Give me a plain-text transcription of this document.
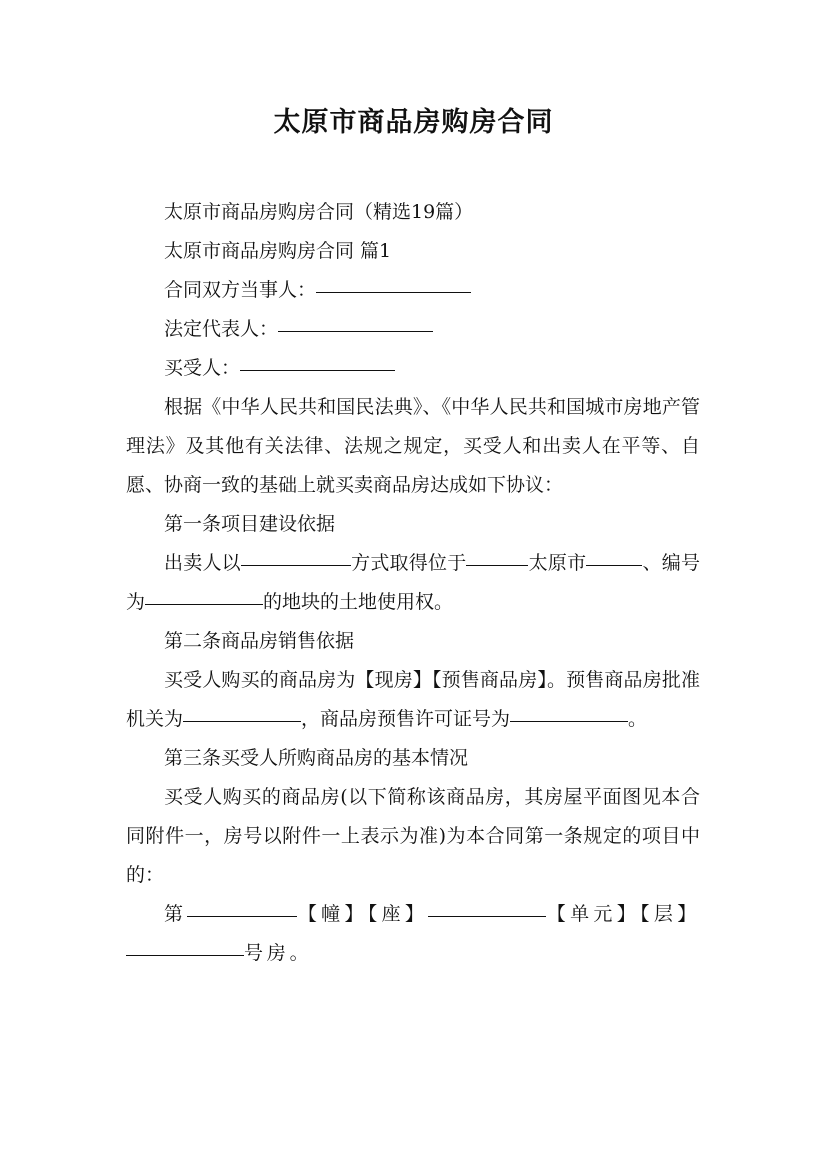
太原市商品房购房合同

太原市商品房购房合同（精选19篇）

太原市商品房购房合同 篇1

合同双方当事人：

法定代表人：

买受人：

根据《中华人民共和国民法典》、《中华人民共和国城市房地产管理法》及其他有关法律、法规之规定，买受人和出卖人在平等、自愿、协商一致的基础上就买卖商品房达成如下协议：

第一条项目建设依据

出卖人以	方式取得位于	太原市	、编号为	的地块的土地使用权。

第二条商品房销售依据

买受人购买的商品房为【现房】【预售商品房】。预售商品房批准机关为	，商品房预售许可证号为	。

第三条买受人所购商品房的基本情况

买受人购买的商品房(以下简称该商品房，其房屋平面图见本合同附件一，房号以附件一上表示为准)为本合同第一条规定的项目中的：

第	【幢】【座】	【单元】【层】号房。
